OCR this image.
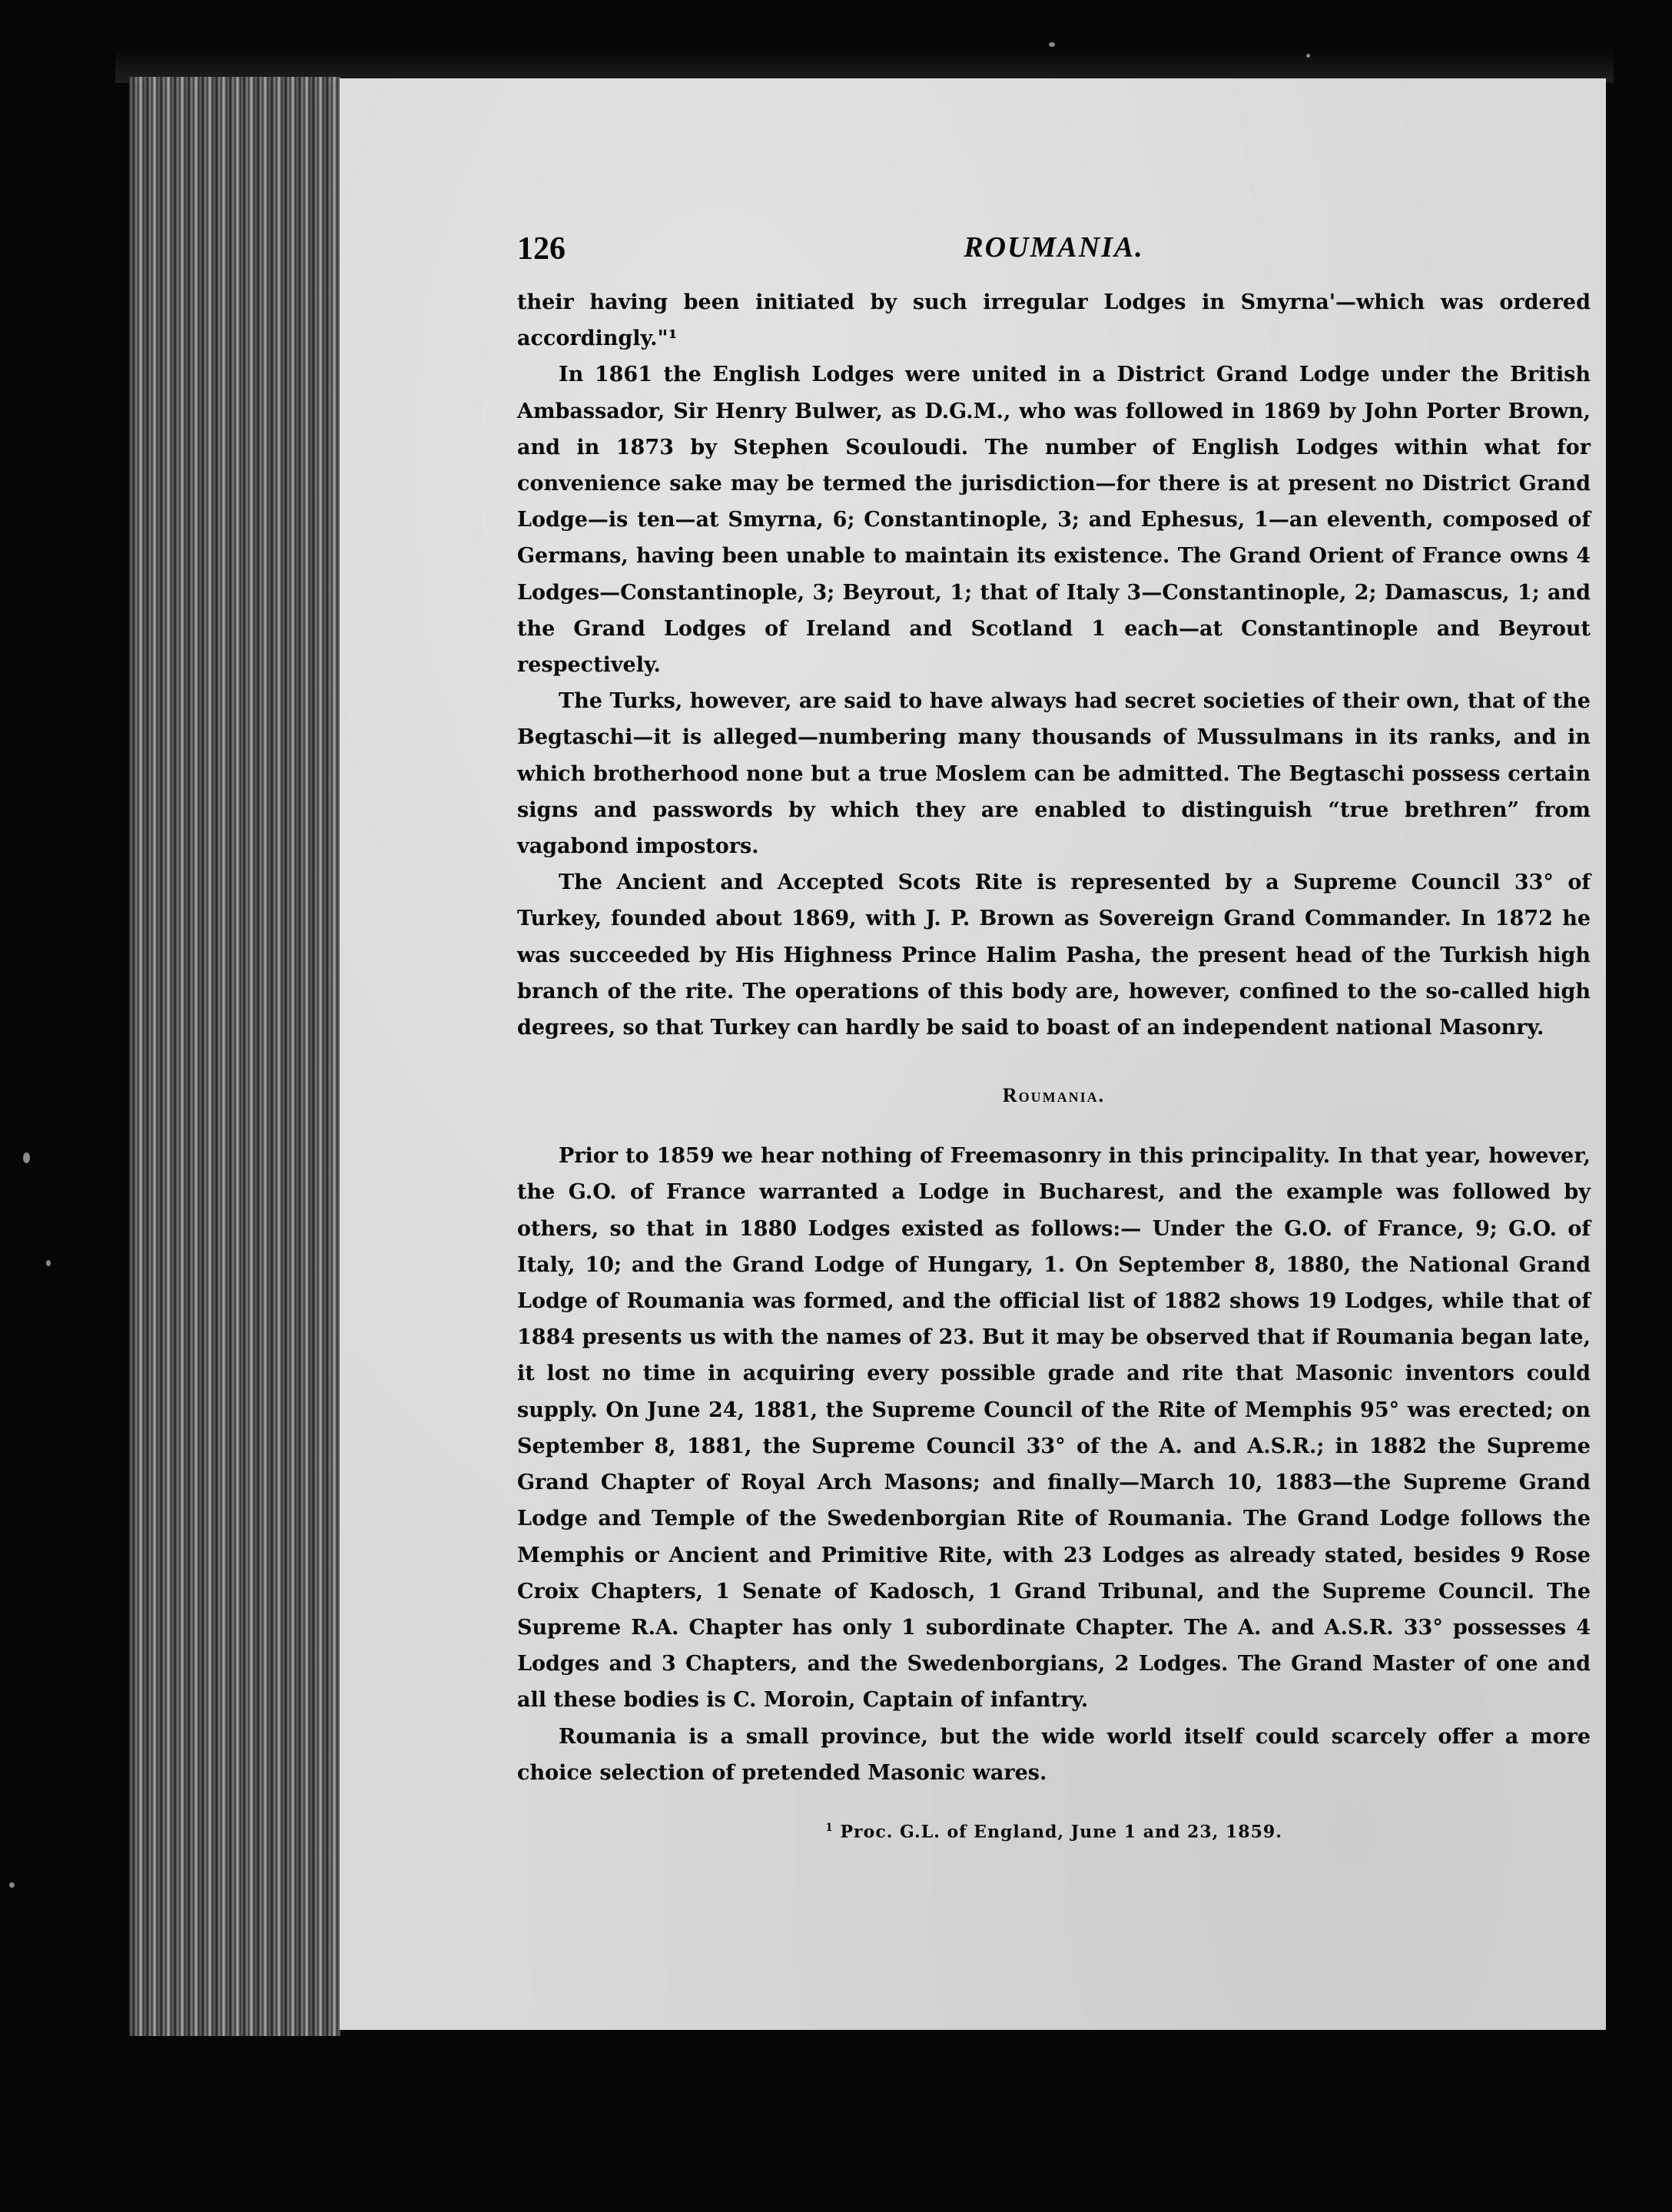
126	ROUMANIA.

their having been initiated by such irregular Lodges in Smyrna'—which was ordered accordingly."¹

In 1861 the English Lodges were united in a District Grand Lodge under the British Ambassador, Sir Henry Bulwer, as D.G.M., who was followed in 1869 by John Porter Brown, and in 1873 by Stephen Scouloudi. The number of English Lodges within what for convenience sake may be termed the jurisdiction—for there is at present no District Grand Lodge—is ten—at Smyrna, 6; Constantinople, 3; and Ephesus, 1—an eleventh, composed of Germans, having been unable to maintain its existence. The Grand Orient of France owns 4 Lodges—Constantinople, 3; Beyrout, 1; that of Italy 3—Constantinople, 2; Damascus, 1; and the Grand Lodges of Ireland and Scotland 1 each—at Constantinople and Beyrout respectively.

The Turks, however, are said to have always had secret societies of their own, that of the Begtaschi—it is alleged—numbering many thousands of Mussulmans in its ranks, and in which brotherhood none but a true Moslem can be admitted. The Begtaschi possess certain signs and passwords by which they are enabled to distinguish “true brethren” from vagabond impostors.

The Ancient and Accepted Scots Rite is represented by a Supreme Council 33° of Turkey, founded about 1869, with J. P. Brown as Sovereign Grand Commander. In 1872 he was succeeded by His Highness Prince Halim Pasha, the present head of the Turkish high branch of the rite. The operations of this body are, however, confined to the so-called high degrees, so that Turkey can hardly be said to boast of an independent national Masonry.

Roumania.

Prior to 1859 we hear nothing of Freemasonry in this principality. In that year, however, the G.O. of France warranted a Lodge in Bucharest, and the example was followed by others, so that in 1880 Lodges existed as follows:— Under the G.O. of France, 9; G.O. of Italy, 10; and the Grand Lodge of Hungary, 1. On September 8, 1880, the National Grand Lodge of Roumania was formed, and the official list of 1882 shows 19 Lodges, while that of 1884 presents us with the names of 23. But it may be observed that if Roumania began late, it lost no time in acquiring every possible grade and rite that Masonic inventors could supply. On June 24, 1881, the Supreme Council of the Rite of Memphis 95° was erected; on September 8, 1881, the Supreme Council 33° of the A. and A.S.R.; in 1882 the Supreme Grand Chapter of Royal Arch Masons; and finally—March 10, 1883—the Supreme Grand Lodge and Temple of the Swedenborgian Rite of Roumania. The Grand Lodge follows the Memphis or Ancient and Primitive Rite, with 23 Lodges as already stated, besides 9 Rose Croix Chapters, 1 Senate of Kadosch, 1 Grand Tribunal, and the Supreme Council. The Supreme R.A. Chapter has only 1 subordinate Chapter. The A. and A.S.R. 33° possesses 4 Lodges and 3 Chapters, and the Swedenborgians, 2 Lodges. The Grand Master of one and all these bodies is C. Moroin, Captain of infantry.

Roumania is a small province, but the wide world itself could scarcely offer a more choice selection of pretended Masonic wares.

$^1$ Proc. G.L. of England, June 1 and 23, 1859.
